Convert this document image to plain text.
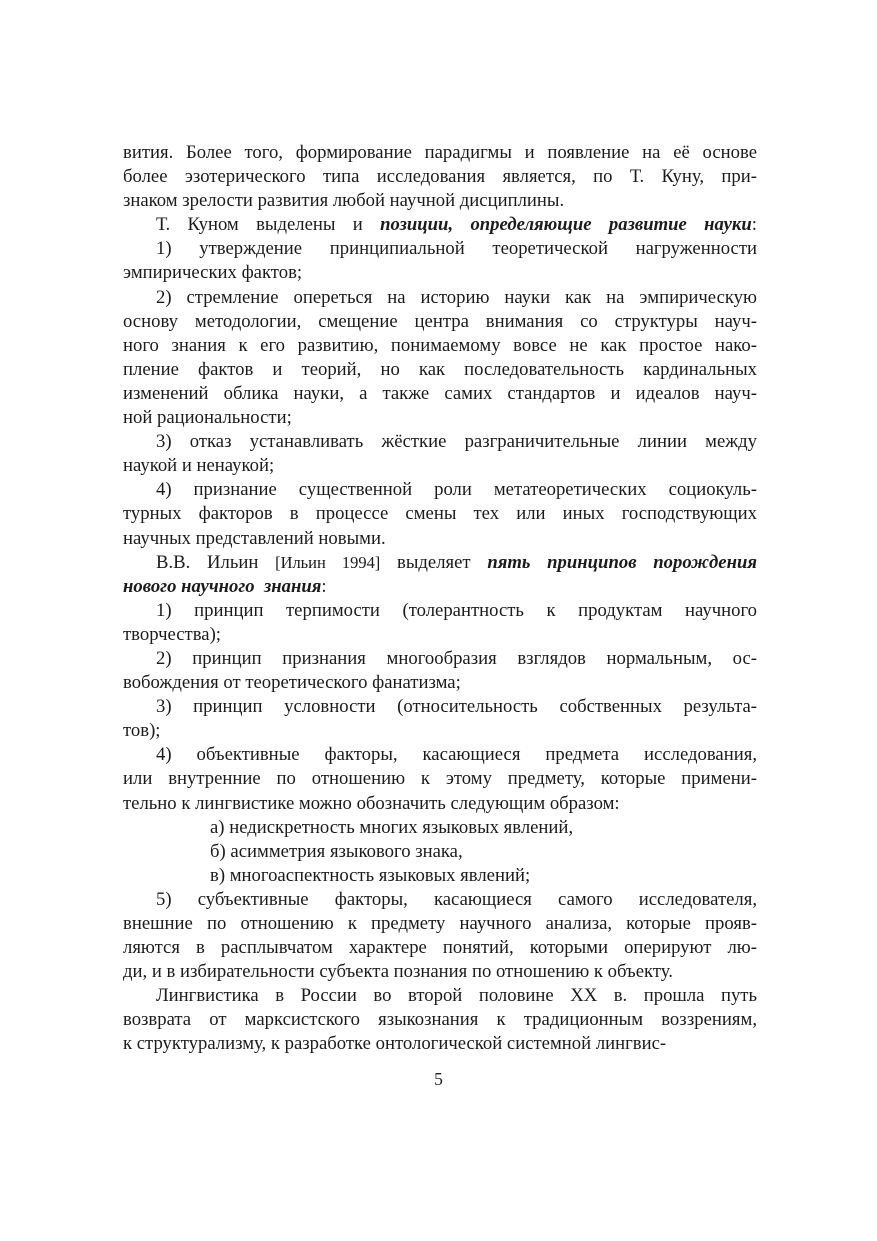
вития. Более того, формирование парадигмы и появление на её основе
более эзотерического типа исследования является, по Т. Куну, при-
знаком зрелости развития любой научной дисциплины.
Т. Куном выделены и позиции, определяющие развитие науки:
1) утверждение принципиальной теоретической нагруженности
эмпирических фактов;
2) стремление опереться на историю науки как на эмпирическую
основу методологии, смещение центра внимания со структуры науч-
ного знания к его развитию, понимаемому вовсе не как простое нако-
пление фактов и теорий, но как последовательность кардинальных
изменений облика науки, а также самих стандартов и идеалов науч-
ной рациональности;
3) отказ устанавливать жёсткие разграничительные линии между
наукой и ненаукой;
4) признание существенной роли метатеоретических социокуль-
турных факторов в процессе смены тех или иных господствующих
научных представлений новыми.
В.В. Ильин [Ильин 1994] выделяет пять принципов порождения
нового научного  знания:
1) принцип терпимости (толерантность к продуктам научного
творчества);
2) принцип признания многообразия взглядов нормальным, ос-
вобождения от теоретического фанатизма;
3) принцип условности (относительность собственных результа-
тов);
4) объективные факторы, касающиеся предмета исследования,
или внутренние по отношению к этому предмету, которые примени-
тельно к лингвистике можно обозначить следующим образом:
а) недискретность многих языковых явлений,
б) асимметрия языкового знака,
в) многоаспектность языковых явлений;
5) субъективные факторы, касающиеся самого исследователя,
внешние по отношению к предмету научного анализа, которые прояв-
ляются в расплывчатом характере понятий, которыми оперируют лю-
ди, и в избирательности субъекта познания по отношению к объекту.
Лингвистика в России во второй половине XX в. прошла путь
возврата от марксистского языкознания к традиционным воззрениям,
к структурализму, к разработке онтологической системной лингвис-
5
